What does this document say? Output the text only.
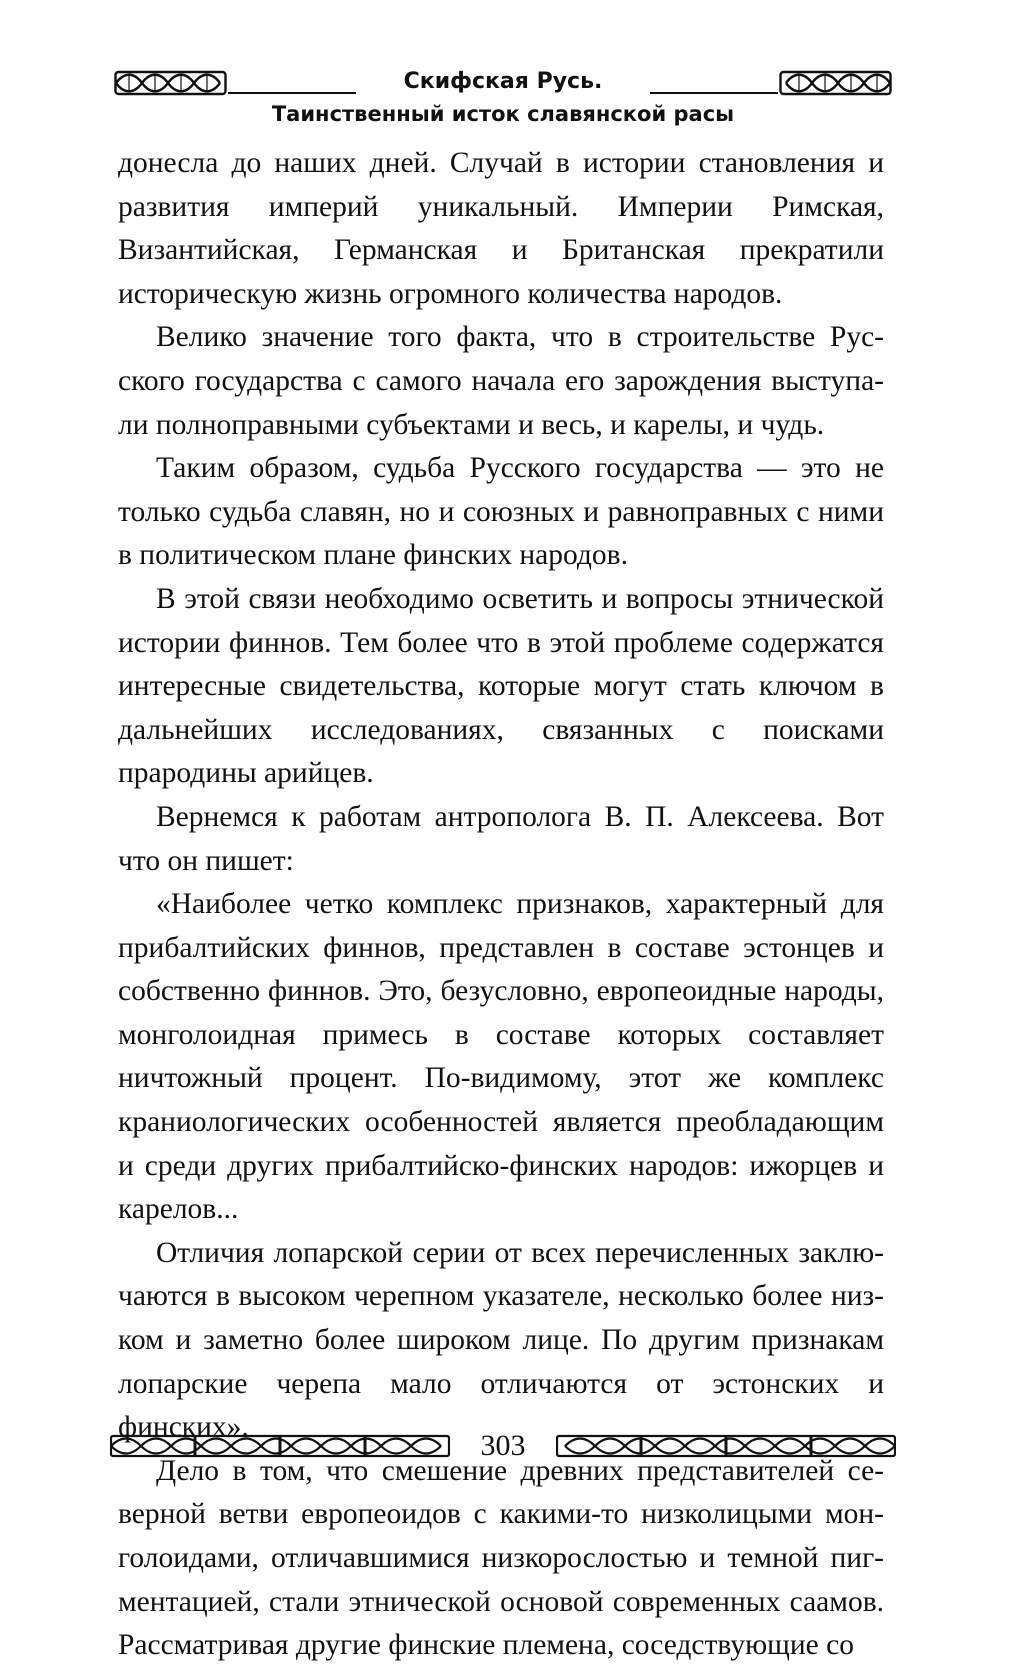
Скифская Русь.
Таинственный исток славянской расы

донесла до наших дней. Случай в истории становления и развития империй уникальный. Империи Римская, Византийская, Германская и Британская прекратили историческую жизнь огромного количества народов.

Велико значение того факта, что в строительстве Русского государства с самого начала его зарождения выступали полноправными субъектами и весь, и карелы, и чудь.

Таким образом, судьба Русского государства — это не только судьба славян, но и союзных и равноправных с ними в политическом плане финских народов.

В этой связи необходимо осветить и вопросы этнической истории финнов. Тем более что в этой проблеме содержатся интересные свидетельства, которые могут стать ключом в дальнейших исследованиях, связанных с поисками прародины арийцев.

Вернемся к работам антрополога В. П. Алексеева. Вот что он пишет:

«Наиболее четко комплекс признаков, характерный для прибалтийских финнов, представлен в составе эстонцев и собственно финнов. Это, безусловно, европеоидные народы, монголоидная примесь в составе которых составляет ничтожный процент. По-видимому, этот же комплекс краниологических особенностей является преобладающим и среди других прибалтийско-финских народов: ижорцев и карелов...

Отличия лопарской серии от всех перечисленных заключаются в высоком черепном указателе, несколько более низком и заметно более широком лице. По другим признакам лопарские черепа мало отличаются от эстонских и финских».

Дело в том, что смешение древних представителей северной ветви европеоидов с какими-то низколицыми монголоидами, отличавшимися низкорослостью и темной пигментацией, стали этнической основой современных саамов. Рассматривая другие финские племена, соседствующие со

303
